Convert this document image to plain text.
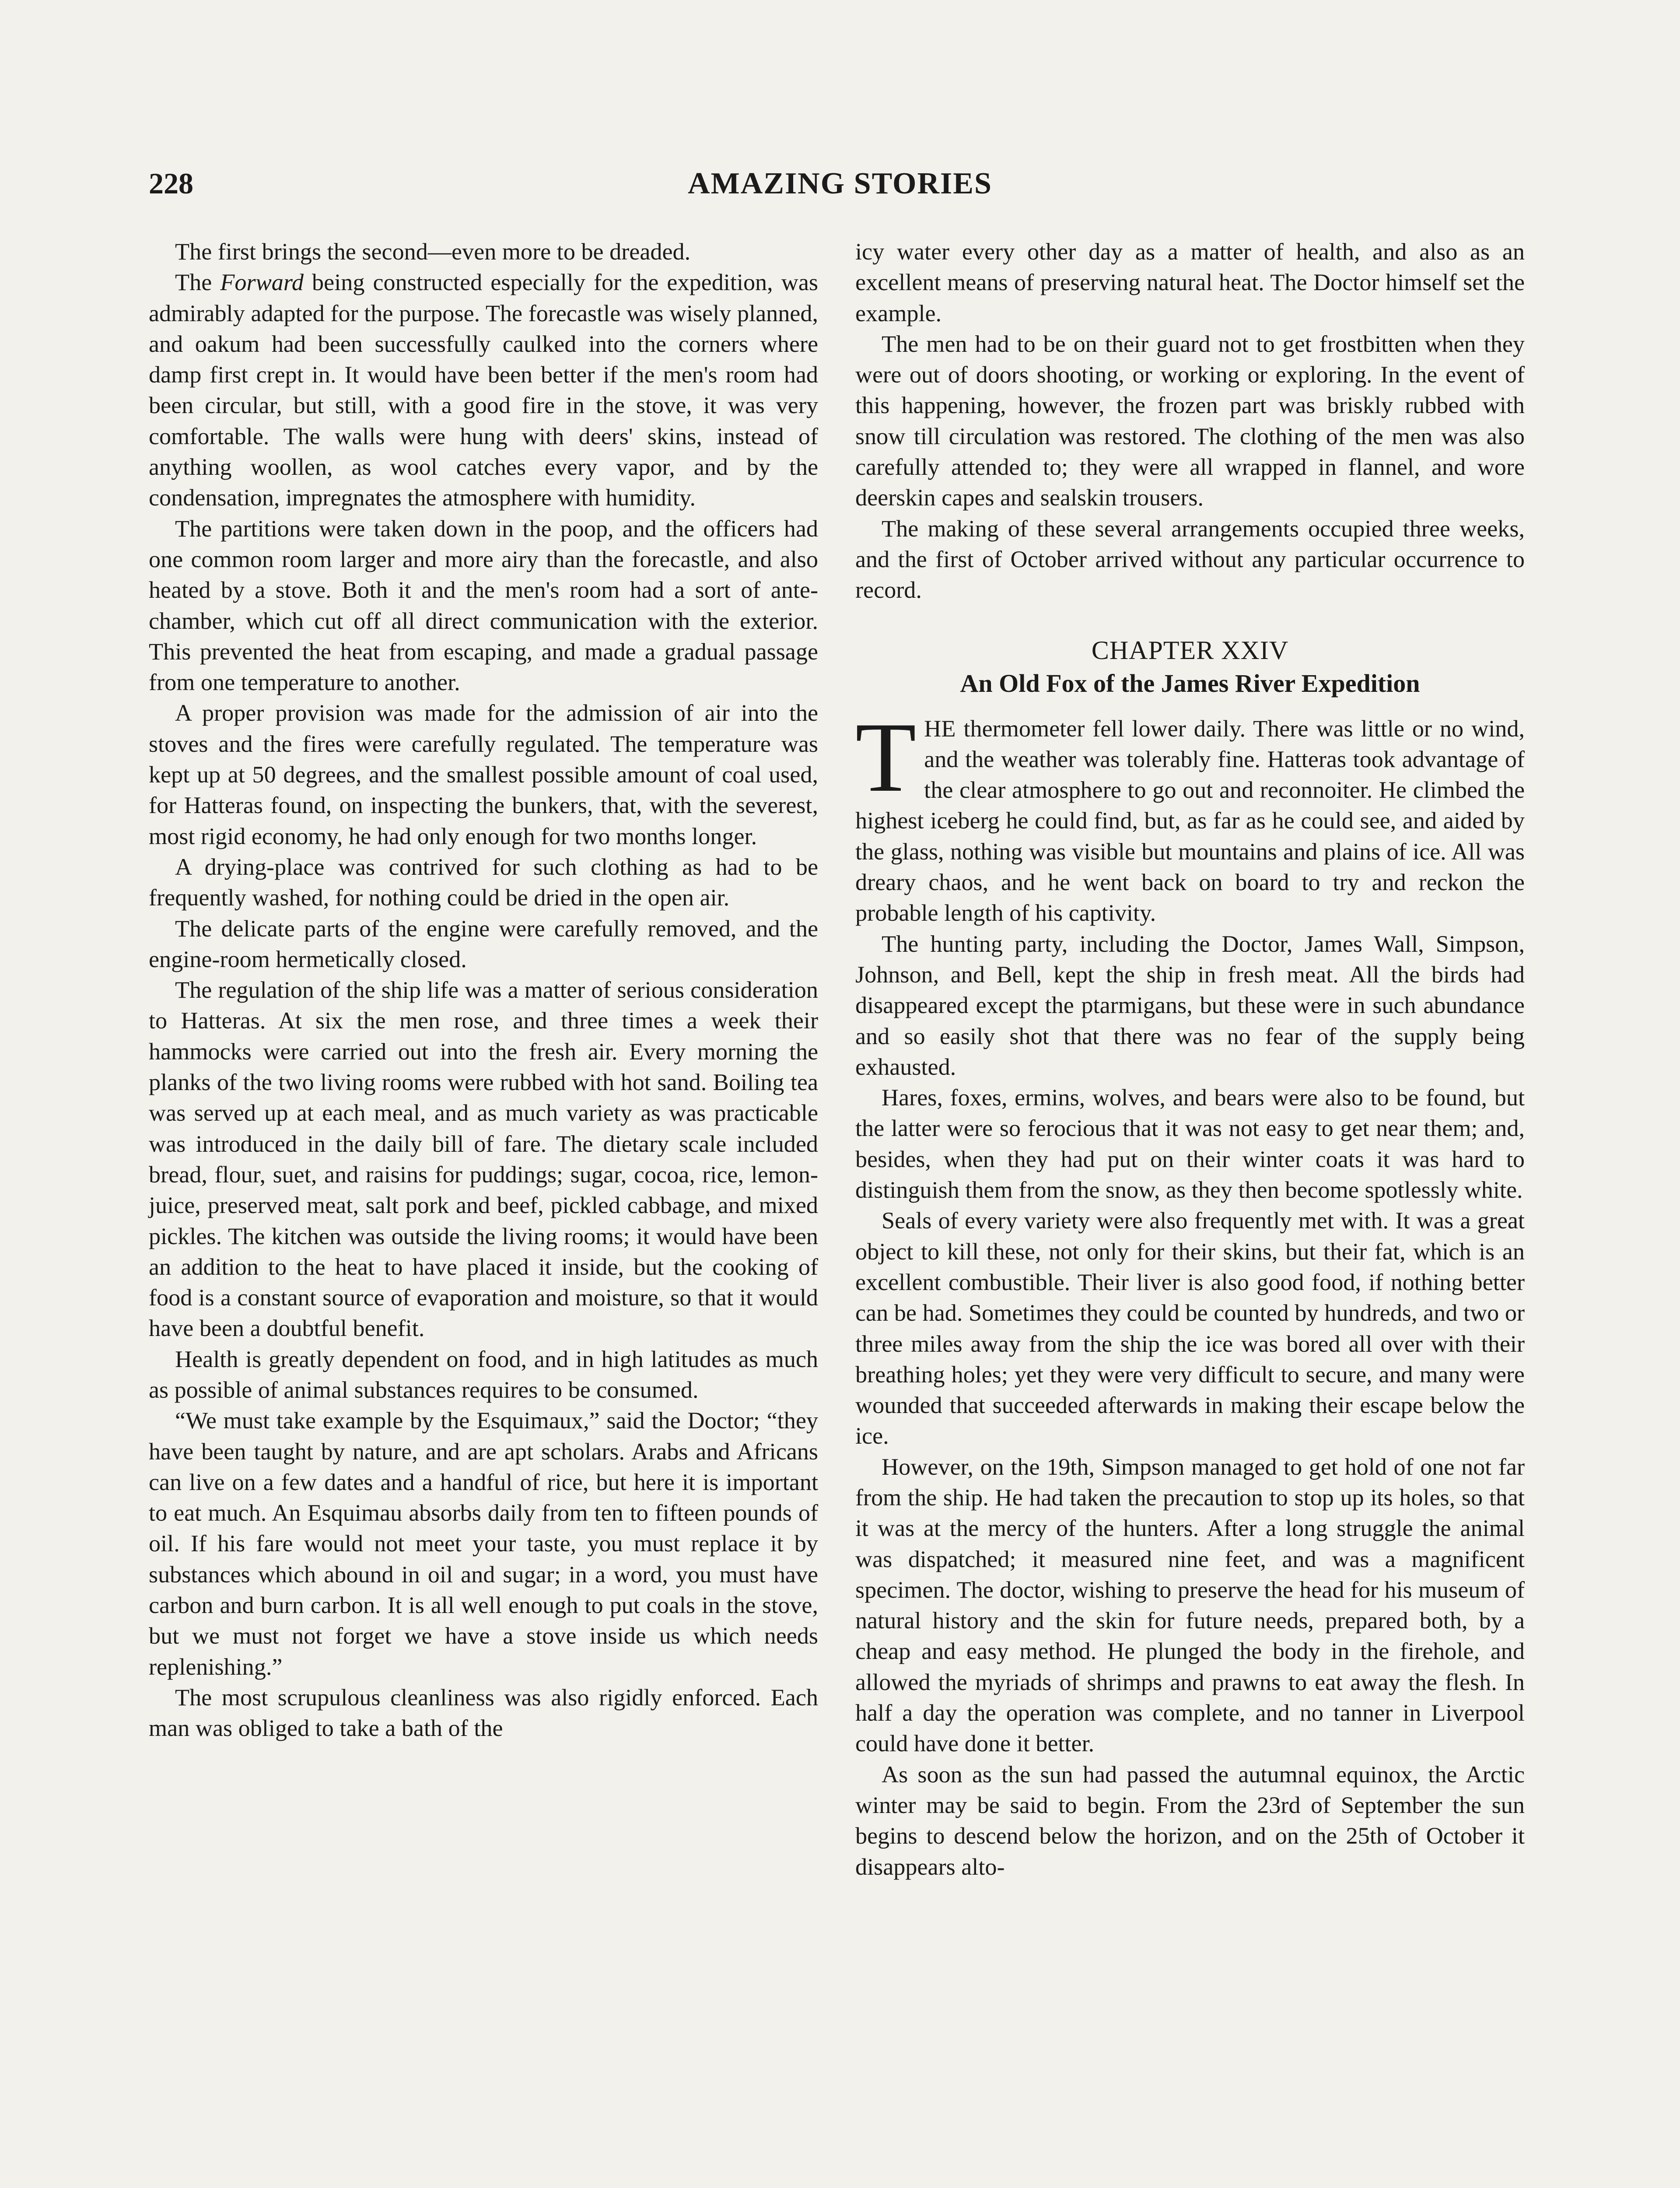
228	AMAZING STORIES

The first brings the second—even more to be dreaded.

The Forward being constructed especially for the expedition, was admirably adapted for the purpose. The forecastle was wisely planned, and oakum had been successfully caulked into the corners where damp first crept in. It would have been better if the men's room had been circular, but still, with a good fire in the stove, it was very comfortable. The walls were hung with deers' skins, instead of anything woollen, as wool catches every vapor, and by the condensation, impregnates the atmosphere with humidity.

The partitions were taken down in the poop, and the officers had one common room larger and more airy than the forecastle, and also heated by a stove. Both it and the men's room had a sort of ante-chamber, which cut off all direct communication with the exterior. This prevented the heat from escaping, and made a gradual passage from one temperature to another.

A proper provision was made for the admission of air into the stoves and the fires were carefully regulated. The temperature was kept up at 50 degrees, and the smallest possible amount of coal used, for Hatteras found, on inspecting the bunkers, that, with the severest, most rigid economy, he had only enough for two months longer.

A drying-place was contrived for such clothing as had to be frequently washed, for nothing could be dried in the open air.

The delicate parts of the engine were carefully removed, and the engine-room hermetically closed.

The regulation of the ship life was a matter of serious consideration to Hatteras. At six the men rose, and three times a week their hammocks were carried out into the fresh air. Every morning the planks of the two living rooms were rubbed with hot sand. Boiling tea was served up at each meal, and as much variety as was practicable was introduced in the daily bill of fare. The dietary scale included bread, flour, suet, and raisins for puddings; sugar, cocoa, rice, lemon-juice, preserved meat, salt pork and beef, pickled cabbage, and mixed pickles. The kitchen was outside the living rooms; it would have been an addition to the heat to have placed it inside, but the cooking of food is a constant source of evaporation and moisture, so that it would have been a doubtful benefit.

Health is greatly dependent on food, and in high latitudes as much as possible of animal substances requires to be consumed.

“We must take example by the Esquimaux,” said the Doctor; “they have been taught by nature, and are apt scholars. Arabs and Africans can live on a few dates and a handful of rice, but here it is important to eat much. An Esquimau absorbs daily from ten to fifteen pounds of oil. If his fare would not meet your taste, you must replace it by substances which abound in oil and sugar; in a word, you must have carbon and burn carbon. It is all well enough to put coals in the stove, but we must not forget we have a stove inside us which needs replenishing.”

The most scrupulous cleanliness was also rigidly enforced. Each man was obliged to take a bath of the

icy water every other day as a matter of health, and also as an excellent means of preserving natural heat. The Doctor himself set the example.

The men had to be on their guard not to get frostbitten when they were out of doors shooting, or working or exploring. In the event of this happening, however, the frozen part was briskly rubbed with snow till circulation was restored. The clothing of the men was also carefully attended to; they were all wrapped in flannel, and wore deerskin capes and sealskin trousers.

The making of these several arrangements occupied three weeks, and the first of October arrived without any particular occurrence to record.

CHAPTER XXIV
An Old Fox of the James River Expedition

THE thermometer fell lower daily. There was little or no wind, and the weather was tolerably fine. Hatteras took advantage of the clear atmosphere to go out and reconnoiter. He climbed the highest iceberg he could find, but, as far as he could see, and aided by the glass, nothing was visible but mountains and plains of ice. All was dreary chaos, and he went back on board to try and reckon the probable length of his captivity.

The hunting party, including the Doctor, James Wall, Simpson, Johnson, and Bell, kept the ship in fresh meat. All the birds had disappeared except the ptarmigans, but these were in such abundance and so easily shot that there was no fear of the supply being exhausted.

Hares, foxes, ermins, wolves, and bears were also to be found, but the latter were so ferocious that it was not easy to get near them; and, besides, when they had put on their winter coats it was hard to distinguish them from the snow, as they then become spotlessly white.

Seals of every variety were also frequently met with. It was a great object to kill these, not only for their skins, but their fat, which is an excellent combustible. Their liver is also good food, if nothing better can be had. Sometimes they could be counted by hundreds, and two or three miles away from the ship the ice was bored all over with their breathing holes; yet they were very difficult to secure, and many were wounded that succeeded afterwards in making their escape below the ice.

However, on the 19th, Simpson managed to get hold of one not far from the ship. He had taken the precaution to stop up its holes, so that it was at the mercy of the hunters. After a long struggle the animal was dispatched; it measured nine feet, and was a magnificent specimen. The doctor, wishing to preserve the head for his museum of natural history and the skin for future needs, prepared both, by a cheap and easy method. He plunged the body in the firehole, and allowed the myriads of shrimps and prawns to eat away the flesh. In half a day the operation was complete, and no tanner in Liverpool could have done it better.

As soon as the sun had passed the autumnal equinox, the Arctic winter may be said to begin. From the 23rd of September the sun begins to descend below the horizon, and on the 25th of October it disappears alto-
